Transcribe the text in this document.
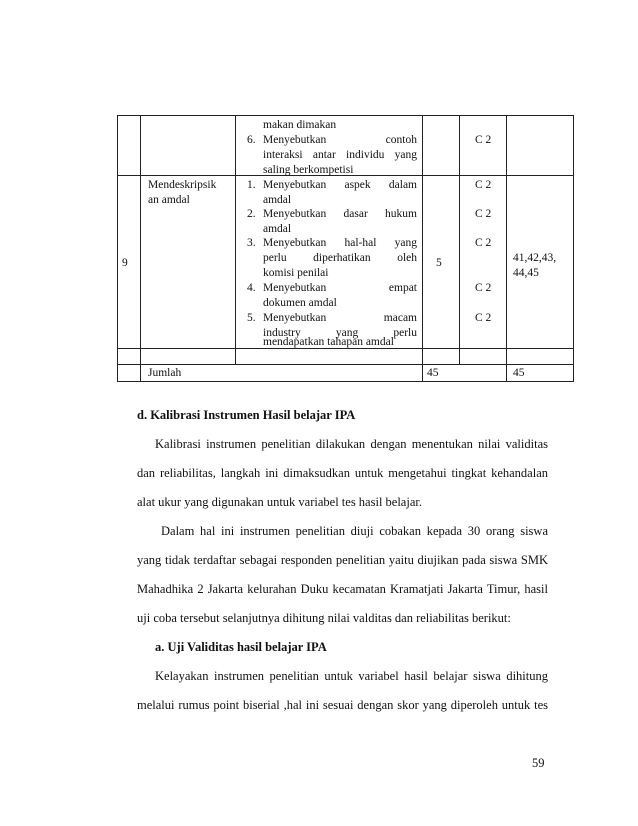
makan dimakan
6. Menyebutkan contoh
interaksi antar individu yang
saling berkompetisi
C 2
9
Mendeskripsik
an amdal
1. Menyebutkan aspek dalam
amdal
2. Menyebutkan dasar hukum
amdal
3. Menyebutkan hal-hal yang
perlu diperhatikan oleh
komisi penilai
4. Menyebutkan empat
dokumen amdal
5. Menyebutkan macam
industry yang perlu
mendapatkan tahapan amdal
5
C 2
C 2
C 2
C 2
C 2
41,42,43,
44,45
Jumlah	45	45
d. Kalibrasi Instrumen Hasil belajar IPA
Kalibrasi instrumen penelitian dilakukan dengan menentukan nilai validitas
dan reliabilitas, langkah ini dimaksudkan untuk mengetahui tingkat kehandalan
alat ukur yang digunakan untuk variabel tes hasil belajar.
Dalam hal ini instrumen penelitian diuji cobakan kepada 30 orang siswa
yang tidak terdaftar sebagai responden penelitian yaitu diujikan pada siswa SMK
Mahadhika 2 Jakarta kelurahan Duku kecamatan Kramatjati Jakarta Timur, hasil
uji coba tersebut selanjutnya dihitung nilai valditas dan reliabilitas berikut:
a. Uji Validitas hasil belajar IPA
Kelayakan instrumen penelitian untuk variabel hasil belajar siswa dihitung
melalui rumus point biserial ,hal ini sesuai dengan skor yang diperoleh untuk tes
59
